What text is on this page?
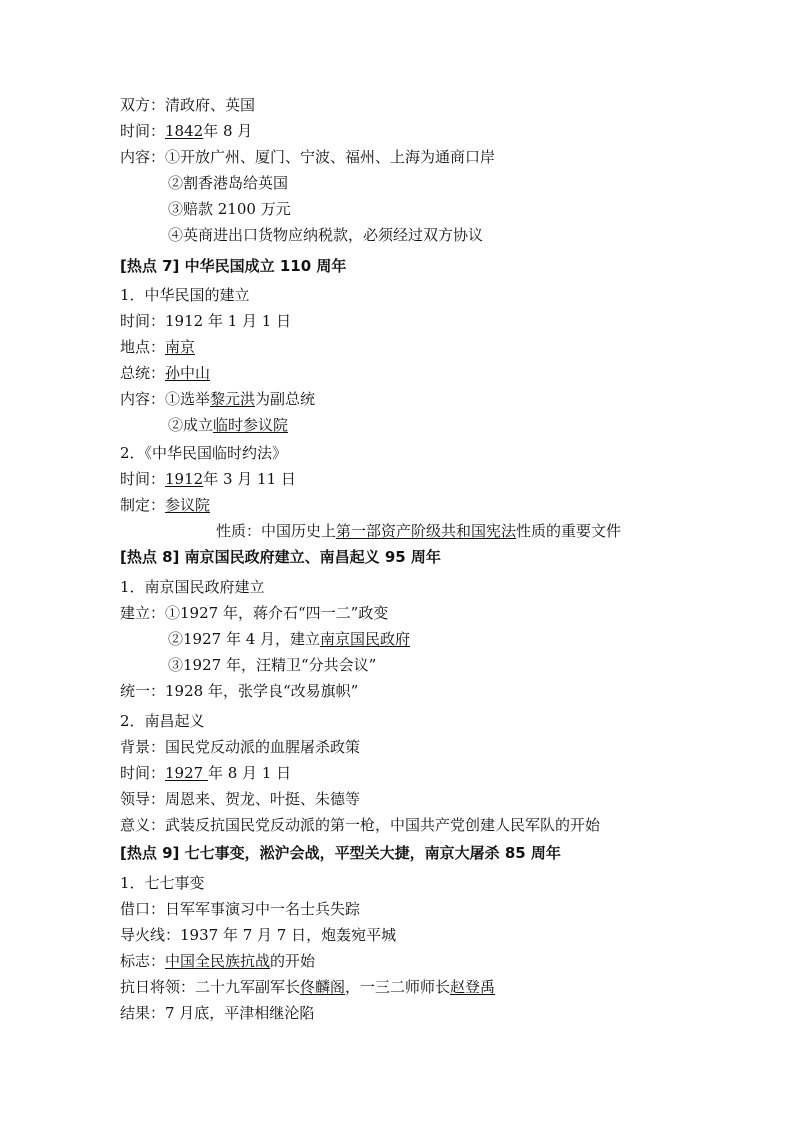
双方：清政府、英国
时间：1842年 8 月
内容：①开放广州、厦门、宁波、福州、上海为通商口岸
②割香港岛给英国
③赔款 2100 万元
④英商进出口货物应纳税款，必须经过双方协议
[热点 7] 中华民国成立 110 周年
1．中华民国的建立
时间：1912 年 1 月 1 日
地点：南京
总统：孙中山
内容：①选举黎元洪为副总统
②成立临时参议院
2．《中华民国临时约法》
时间：1912年 3 月 11 日
制定：参议院
性质：中国历史上第一部资产阶级共和国宪法性质的重要文件
[热点 8] 南京国民政府建立、南昌起义 95 周年
1．南京国民政府建立
建立：①1927 年，蒋介石“四一二”政变
②1927 年 4 月，建立南京国民政府
③1927 年，汪精卫“分共会议”
统一：1928 年，张学良“改易旗帜”
2．南昌起义
背景：国民党反动派的血腥屠杀政策
时间：1927 年 8 月 1 日
领导：周恩来、贺龙、叶挺、朱德等
意义：武装反抗国民党反动派的第一枪，中国共产党创建人民军队的开始
[热点 9] 七七事变，淞沪会战，平型关大捷，南京大屠杀 85 周年
1．七七事变
借口：日军军事演习中一名士兵失踪
导火线：1937 年 7 月 7 日，炮轰宛平城
标志：中国全民族抗战的开始
抗日将领：二十九军副军长佟麟阁，一三二师师长赵登禹
结果：7 月底，平津相继沦陷
